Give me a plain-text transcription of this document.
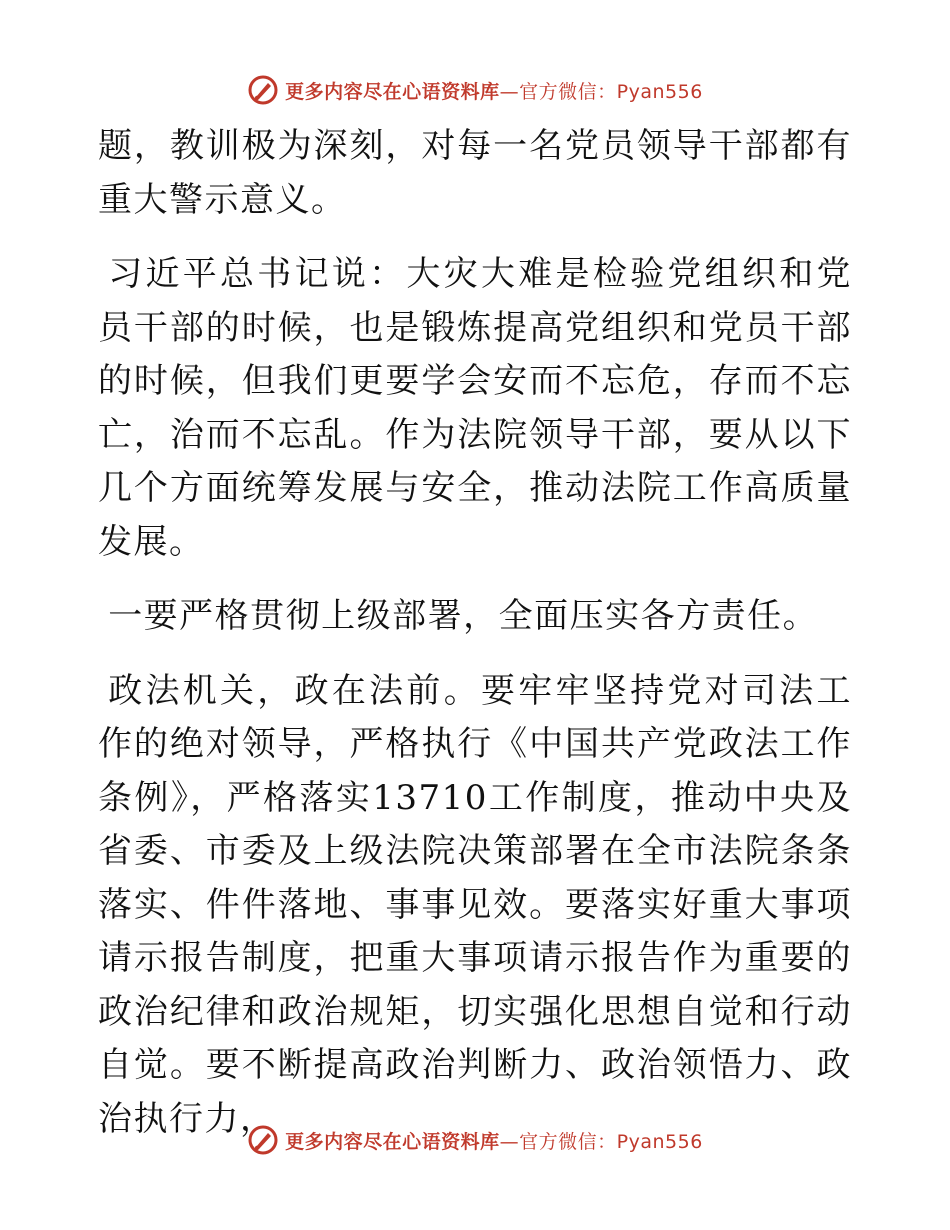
更多内容尽在心语资料库—官方微信：Pyan556

题，教训极为深刻，对每一名党员领导干部都有重大警示意义。

习近平总书记说：大灾大难是检验党组织和党员干部的时候，也是锻炼提高党组织和党员干部的时候，但我们更要学会安而不忘危，存而不忘亡，治而不忘乱。作为法院领导干部，要从以下几个方面统筹发展与安全，推动法院工作高质量发展。

一要严格贯彻上级部署，全面压实各方责任。

政法机关，政在法前。要牢牢坚持党对司法工作的绝对领导，严格执行《中国共产党政法工作条例》，严格落实13710工作制度，推动中央及省委、市委及上级法院决策部署在全市法院条条落实、件件落地、事事见效。要落实好重大事项请示报告制度，把重大事项请示报告作为重要的政治纪律和政治规矩，切实强化思想自觉和行动自觉。要不断提高政治判断力、政治领悟力、政治执行力，

更多内容尽在心语资料库—官方微信：Pyan556
